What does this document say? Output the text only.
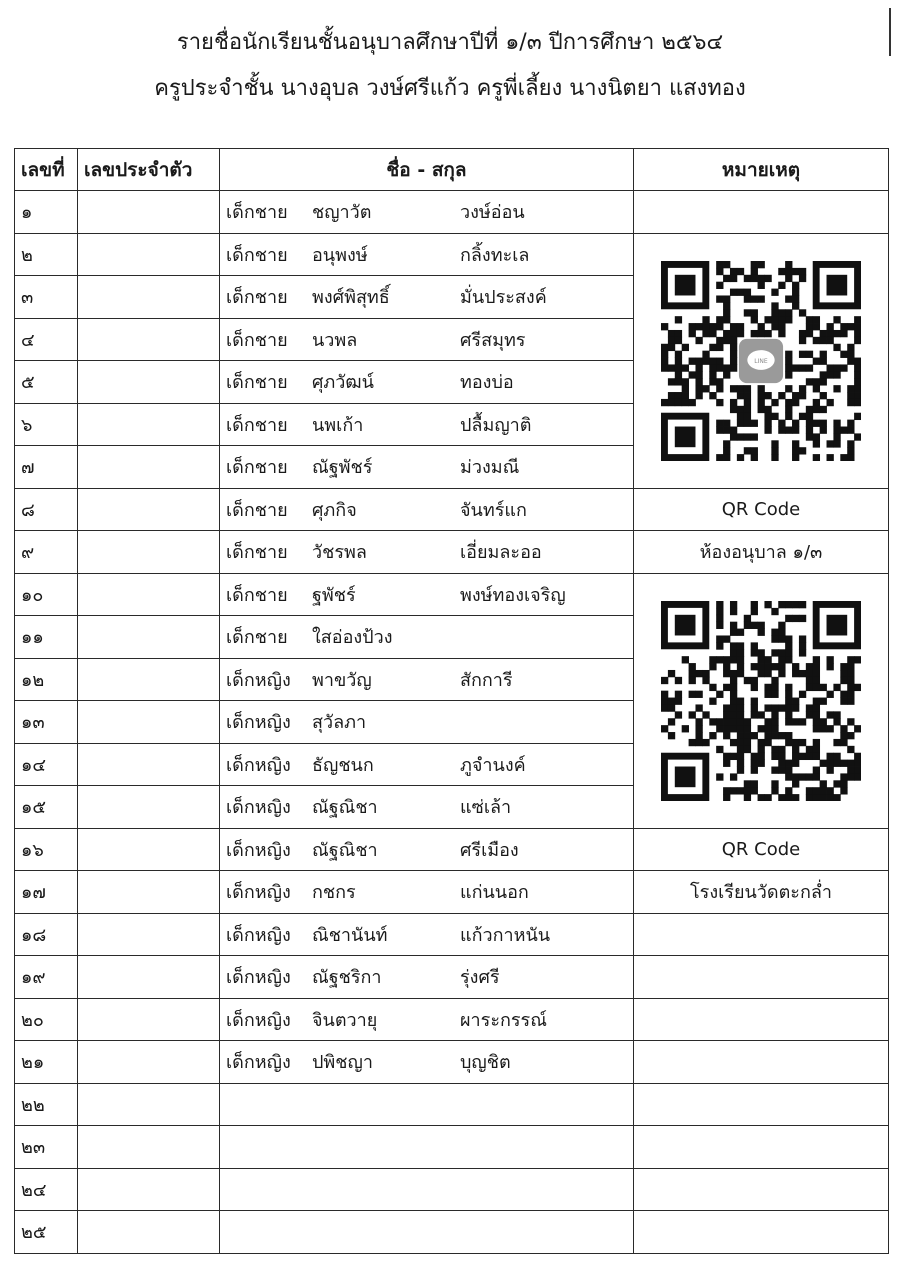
รายชื่อนักเรียนชั้นอนุบาลศึกษาปีที่ ๑/๓ ปีการศึกษา ๒๕๖๔
ครูประจำชั้น นางอุบล วงษ์ศรีแก้ว ครูพี่เลี้ยง นางนิตยา แสงทอง
เลขที่	เลขประจำตัว	ชื่อ - สกุล	หมายเหตุ
๑		เด็กชาย ชญาวัต วงษ์อ่อน	
๒		เด็กชาย อนุพงษ์ กลิ้งทะเล	LINE

๓		เด็กชาย พงศ์พิสุทธิ์ มั่นประสงค์	
๔		เด็กชาย นวพล ศรีสมุทร	
๕		เด็กชาย ศุภวัฒน์ ทองบ่อ	
๖		เด็กชาย นพเก้า ปลื้มญาติ	
๗		เด็กชาย ณัฐพัชร์ ม่วงมณี	
๘		เด็กชาย ศุภกิจ จันทร์แก	QR Code
๙		เด็กชาย วัชรพล เอี่ยมละออ	ห้องอนุบาล ๑/๓
๑๐		เด็กชาย ฐพัชร์ พงษ์ทองเจริญ	

๑๑		เด็กชาย ใสอ่องป้วง	
๑๒		เด็กหญิง พาขวัญ สักการี	
๑๓		เด็กหญิง สุวัลภา	
๑๔		เด็กหญิง ธัญชนก ภูจำนงค์	
๑๕		เด็กหญิง ณัฐณิชา แซ่เล้า	
๑๖		เด็กหญิง ณัฐณิชา ศรีเมือง	QR Code
๑๗		เด็กหญิง กชกร แก่นนอก	โรงเรียนวัดตะกล่ำ
๑๘		เด็กหญิง ณิชานันท์ แก้วกาหนัน	
๑๙		เด็กหญิง ณัฐชริกา รุ่งศรี	
๒๐		เด็กหญิง จินตวายุ ผาระกรรณ์	
๒๑		เด็กหญิง ปพิชญา บุญชิต	
๒๒			
๒๓			
๒๔			
๒๕			
